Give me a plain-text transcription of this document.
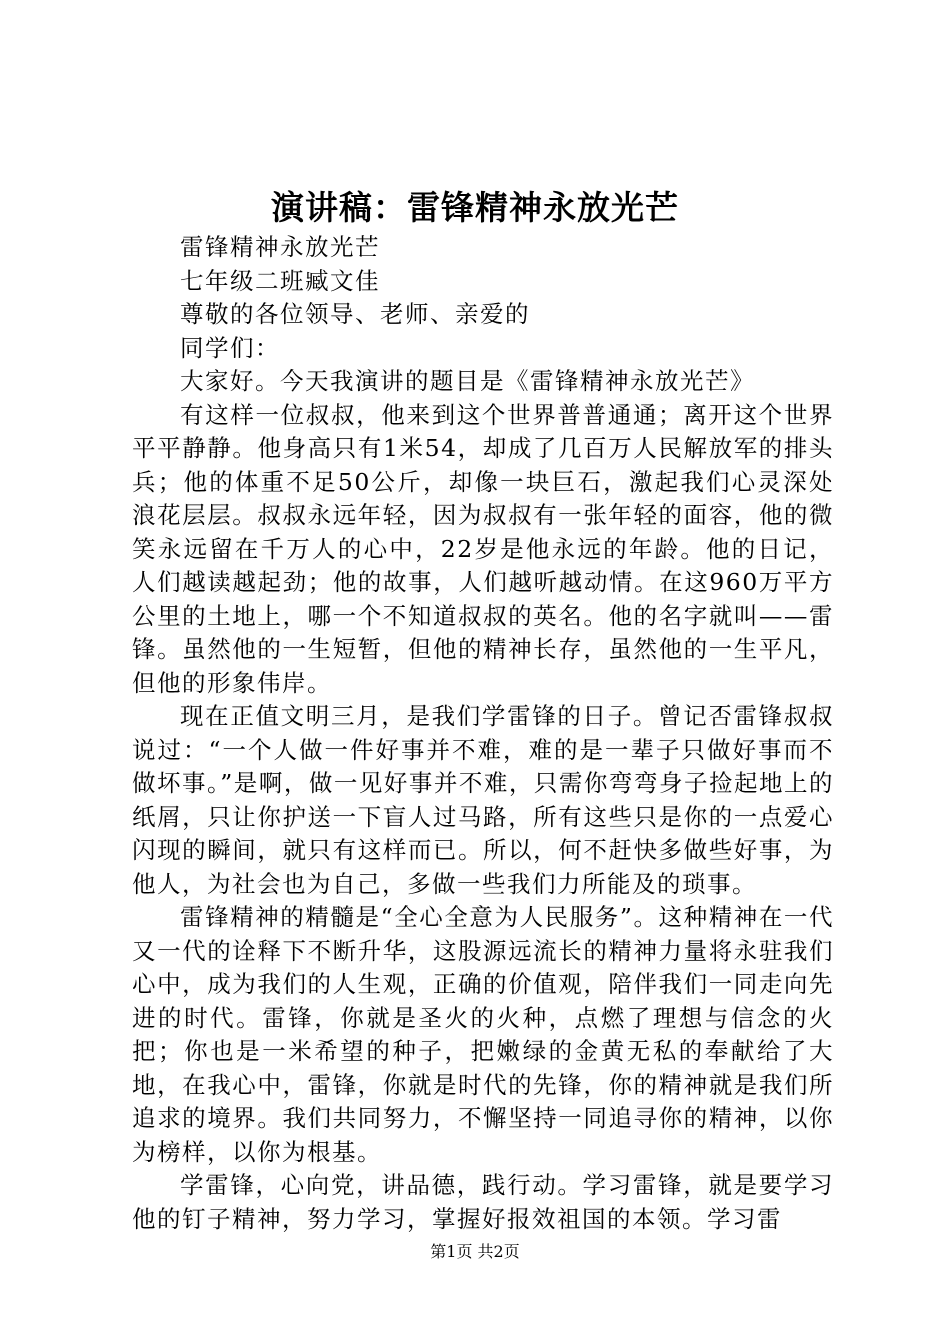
演讲稿：雷锋精神永放光芒

雷锋精神永放光芒

七年级二班臧文佳

尊敬的各位领导、老师、亲爱的

同学们：

大家好。今天我演讲的题目是《雷锋精神永放光芒》

有这样一位叔叔，他来到这个世界普普通通；离开这个世界平平静静。他身高只有1米54，却成了几百万人民解放军的排头兵；他的体重不足50公斤，却像一块巨石，激起我们心灵深处浪花层层。叔叔永远年轻，因为叔叔有一张年轻的面容，他的微笑永远留在千万人的心中，22岁是他永远的年龄。他的日记，人们越读越起劲；他的故事，人们越听越动情。在这960万平方公里的土地上，哪一个不知道叔叔的英名。他的名字就叫——雷锋。虽然他的一生短暂，但他的精神长存，虽然他的一生平凡，但他的形象伟岸。

现在正值文明三月，是我们学雷锋的日子。曾记否雷锋叔叔说过：“一个人做一件好事并不难，难的是一辈子只做好事而不做坏事。”是啊，做一见好事并不难，只需你弯弯身子捡起地上的纸屑，只让你护送一下盲人过马路，所有这些只是你的一点爱心闪现的瞬间，就只有这样而已。所以，何不赶快多做些好事，为他人，为社会也为自己，多做一些我们力所能及的琐事。

雷锋精神的精髓是“全心全意为人民服务”。这种精神在一代又一代的诠释下不断升华，这股源远流长的精神力量将永驻我们心中，成为我们的人生观，正确的价值观，陪伴我们一同走向先进的时代。雷锋，你就是圣火的火种，点燃了理想与信念的火把；你也是一米希望的种子，把嫩绿的金黄无私的奉献给了大地，在我心中，雷锋，你就是时代的先锋，你的精神就是我们所追求的境界。我们共同努力，不懈坚持一同追寻你的精神，以你为榜样，以你为根基。

学雷锋，心向党，讲品德，践行动。学习雷锋，就是要学习他的钉子精神，努力学习，掌握好报效祖国的本领。学习雷

第1页 共2页
